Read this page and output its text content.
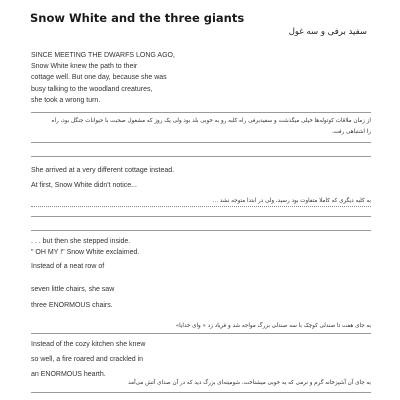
Snow White and the three giants
سفید برفی و سه غول
SINCE MEETING THE DWARFS LONG AGO,
Snow White knew the path to their
cottage well. But one day, because she was
busy talking to the woodland creatures,
she took a wrong turn.
از زمان ملاقات کوتوله‌ها خیلی میگذشت و سفیدبرفی راه کلبه رو به خوبی بلد بود ولی یک روز که مشغول صحبت با حیوانات جنگل بود، راه
را اشتباهی رفت.
She arrived at a very different cottage instead.
At first, Snow White didn't notice...
به کلبه دیگری که کاملا متفاوت بود رسید، ولی در ابتدا متوجه نشد ...
. . . but then she stepped inside.
" OH MY !" Snow White exclaimed.
Instead of a neat row of
seven little chairs, she saw
three ENORMOUS chairs.
به جای هفت تا صندلی کوچک با سه صندلی بزرگ مواجه شد و فریاد زد « وای خدایا»
Instead of the cozy kitchen she knew
so well, a fire roared and crackled in
an ENORMOUS hearth.
به جای آن آشپزخانه گرم و نرمی که به خوبی میشناخت، شومینه‌ای بزرگ دید که در آن صدای آتش می‌آمد
